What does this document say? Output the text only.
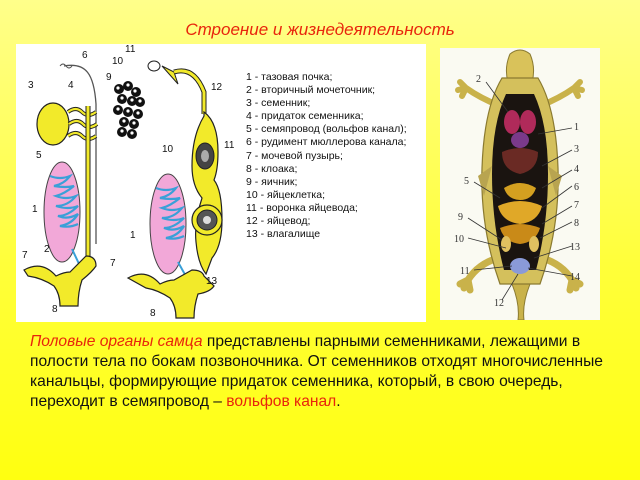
Строение и жизнедеятельность
6
3	4
5
1
2
7
8
11
10
9
12
10	11
1
7
13
8
1 - тазовая почка;
2 - вторичный мочеточник;
3 - семенник;
4 - придаток семенника;
5 - семяпровод (вольфов канал);
6 - рудимент мюллерова канала;
7 - мочевой пузырь;
8 - клоака;
9 - яичник;
10 - яйцеклетка;
11 - воронка яйцевода;
12 - яйцевод;
13 - влагалище
2
1
3
4
5
6
7
8
9
10
13
11
14
12

Половые органы самца представлены парными семенниками, лежащими в полости тела по бокам позвоночника. От семенников отходят многочисленные канальцы, формирующие придаток семенника, который, в свою очередь, переходит в семяпровод – вольфов канал.
